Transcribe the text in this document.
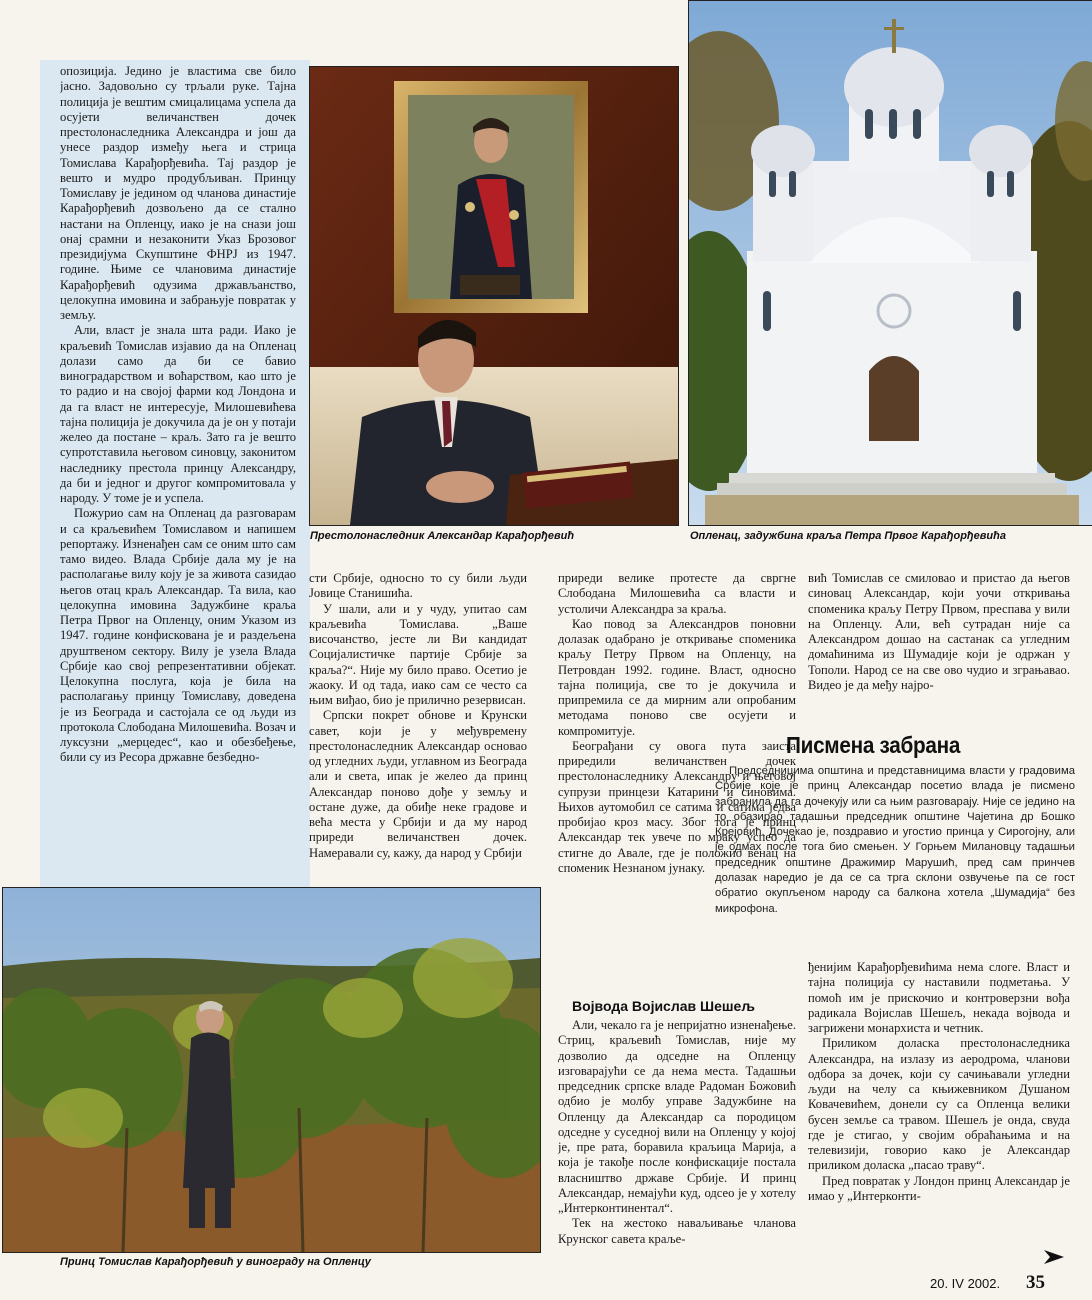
опозиција. Једино је властима све било јасно. Задовољно су трљали руке. Тајна полиција је вештим смицалицама успела да осујети величанствен дочек престолонаследника Александра и још да унесе раздор између њега и стрица Томислава Карађорђевића. Тај раздор је вешто и мудро продубљиван. Принцу Томиславу је једином од чланова династије Карађорђевић дозвољено да се стално настани на Опленцу, иако је на снази још онај срамни и незаконити Указ Брозовог президијума Скупштине ФНРЈ из 1947. године. Њиме се члановима династије Карађорђевић одузима држављанство, целокупна имовина и забрањује повратак у земљу.

Али, власт је знала шта ради. Иако је краљевић Томислав изјавио да на Опленац долази само да би се бавио виноградарством и воћарством, као што је то радио и на својој фарми код Лондона и да га власт не интересује, Милошевићева тајна полиција је докучила да је он у потаји желео да постане – краљ. Зато га је вешто супротставила његовом синовцу, законитом наследнику престола принцу Александру, да би и једног и другог компромитовала у народу. У томе је и успела.

Пожурио сам на Опленац да разговарам и са краљевићем Томиславом и напишем репортажу. Изненађен сам се оним што сам тамо видео. Влада Србије дала му је на располагање вилу коју је за живота сазидао његов отац краљ Александар. Та вила, као целокупна имовина Задужбине краља Петра Првог на Опленцу, оним Указом из 1947. године конфискована је и раздељена друштвеном сектору. Вилу је узела Влада Србије као свој репрезентативни објекат. Целокупна послуга, која је била на располагању принцу Томиславу, доведена је из Београда и састојала се од људи из протокола Слободана Милошевића. Возач и луксузни „мерцедес“, као и обезбеђење, били су из Ресора државне безбедно-

Престолонаследник Александар Карађорђевић	Опленац, задужбина краља Петра Првог Карађорђевића

сти Србије, односно то су били људи Јовице Станишића.

У шали, али и у чуду, упитао сам краљевића Томислава. „Ваше височанство, јесте ли Ви кандидат Социјалистичке партије Србије за краља?“. Није му било право. Осетио је жаоку. И од тада, иако сам се често са њим виђао, био је прилично резервисан.

Српски покрет обнове и Крунски савет, који је у међувремену престолонаследник Александар основао од угледних људи, углавном из Београда али и света, ипак је желео да принц Александар поново дође у земљу и остане дуже, да обиђе неке градове и већа места у Србији и да му народ приреди величанствен дочек. Намеравали су, кажу, да народ у Србији

приреди велике протесте да свргне Слободана Милошевића са власти и устоличи Александра за краља.

Као повод за Александров поновни долазак одабрано је откривање споменика краљу Петру Првом на Опленцу, на Петровдан 1992. године. Власт, односно тајна полиција, све то је докучила и припремила се да мирним али опробаним методама поново све осујети и компромитује.

Београђани су овога пута заиста приредили величанствен дочек престолонаследнику Александру и његовој супрузи принцези Катарини и синовима. Њихов аутомобил се сатима и сатима једва пробијао кроз масу. Због тога је принц Александар тек увече по мраку успео да стигне до Авале, где је положио венац на споменик Незнаном јунаку.

Војвода Војислав Шешељ

Али, чекало га је непријатно изненађење. Стриц, краљевић Томислав, није му дозволио да одседне на Опленцу изговарајући се да нема места. Тадашњи председник српске владе Радоман Божовић одбио је молбу управе Задужбине на Опленцу да Александар са породицом одседне у суседној вили на Опленцу у којој је, пре рата, боравила краљица Марија, а која је такође после конфискације постала власништво државе Србије. И принц Александар, немајући куд, одсео је у хотелу „Интерконтинентал“.

Тек на жестоко наваљивање чланова Крунског савета краље-

вић Томислав се смиловао и пристао да његов синовац Александар, који уочи откривања споменика краљу Петру Првом, преспава у вили на Опленцу. Али, већ сутрадан није са Александром дошао на састанак са угледним домаћинима из Шумадије који је одржан у Тополи. Народ се на све ово чудио и зграњавао. Видео је да међу најро-

Писмена забрана

Председницима општина и представницима власти у градовима Србије које је принц Александар посетио влада је писмено забранила да га дочекују или са њим разговарају. Није се једино на то обазирао тадашњи председник општине Чајетина др Бошко Крејовић. Дочекао је, поздравио и угостио принца у Сирогојну, али је одмах после тога био смењен. У Горњем Милановцу тадашњи председник општине Дражимир Марушић, пред сам принчев долазак наредио је да се са трга склони озвучење па се гост обратио окупљеном народу са балкона хотела „Шумадија“ без микрофона.

ђенијим Карађорђевићима нема слоге. Власт и тајна полиција су наставили подметања. У помоћ им је прискочио и контроверзни вођа радикала Војислав Шешељ, некада војвода и загрижени монархиста и четник.

Приликом доласка престолонаследника Александра, на излазу из аеродрома, чланови одбора за дочек, који су сачињавали угледни људи на челу са књижевником Душаном Ковачевићем, донели су са Опленца велики бусен земље са травом. Шешељ је онда, свуда где је стигао, у својим обраћањима и на телевизији, говорио како је Александар приликом доласка „пасао траву“.

Пред повратак у Лондон принц Александар је имао у „Интерконти-

Принц Томислав Карађорђевић у винограду на Опленцу
20. IV 2002. 35
